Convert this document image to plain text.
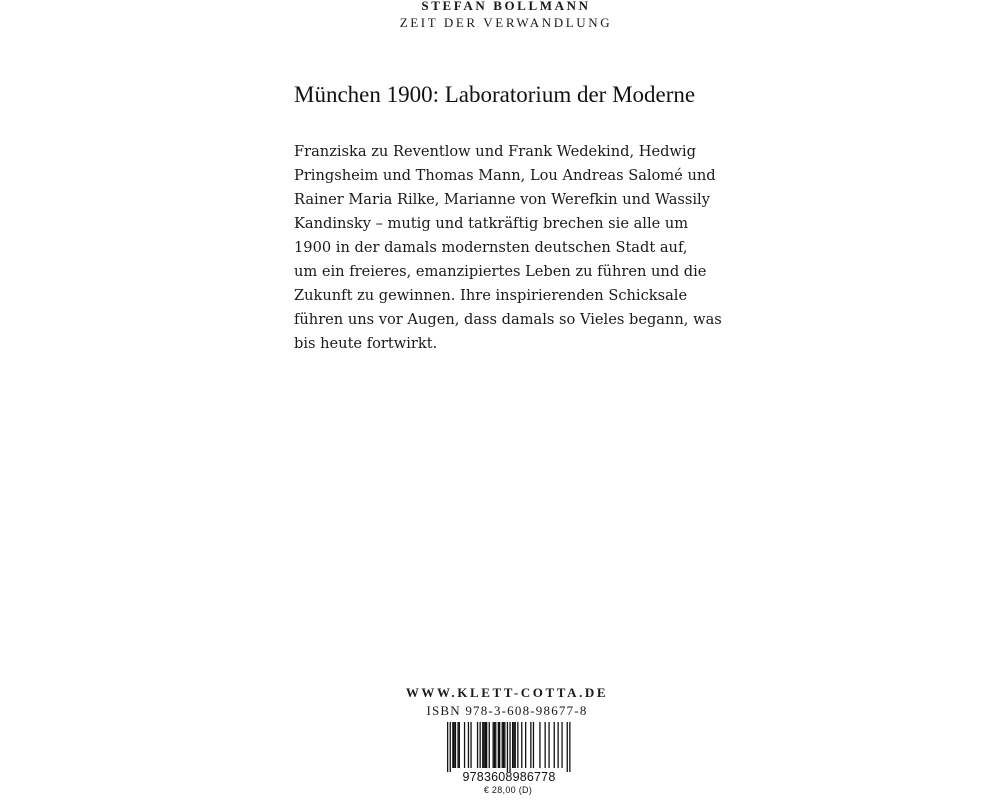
STEFAN BOLLMANN
ZEIT DER VERWANDLUNG
München 1900: Laboratorium der Moderne
Franziska zu Reventlow und Frank Wedekind, Hedwig
Pringsheim und Thomas Mann, Lou Andreas Salomé und
Rainer Maria Rilke, Marianne von Werefkin und Wassily
Kandinsky – mutig und tatkräftig brechen sie alle um
1900 in der damals modernsten deutschen Stadt auf,
um ein freieres, emanzipiertes Leben zu führen und die
Zukunft zu gewinnen. Ihre inspirierenden Schicksale
führen uns vor Augen, dass damals so Vieles begann, was
bis heute fortwirkt.
WWW.KLETT-COTTA.DE
ISBN 978-3-608-98677-8
9783608986778
€ 28,00 (D)
